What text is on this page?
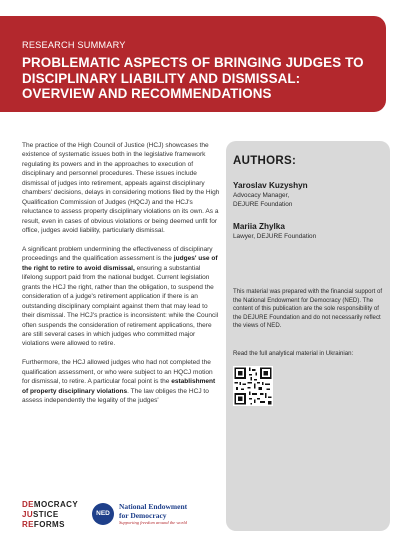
RESEARCH SUMMARY
PROBLEMATIC ASPECTS OF BRINGING JUDGES TO
DISCIPLINARY LIABILITY AND DISMISSAL:
OVERVIEW AND RECOMMENDATIONS

The practice of the High Council of Justice (HCJ) showcases the existence of systematic issues both in the legislative framework regulating its powers and in the approaches to execution of disciplinary and personnel procedures. These issues include dismissal of judges into retirement, appeals against disciplinary chambers' decisions, delays in considering motions filed by the High Qualification Commission of Judges (HQCJ) and the HCJ's reluctance to assess property disciplinary violations on its own. As a result, even in cases of obvious violations or being deemed unfit for office, judges avoid liability, particularly dismissal.

A significant problem undermining the effectiveness of disciplinary proceedings and the qualification assessment is the judges' use of the right to retire to avoid dismissal, ensuring a substantial lifelong support paid from the national budget. Current legislation grants the HCJ the right, rather than the obligation, to suspend the consideration of a judge's retirement application if there is an outstanding disciplinary complaint against them that may lead to their dismissal. The HCJ's practice is inconsistent: while the Council often suspends the consideration of retirement applications, there are still several cases in which judges who committed major violations were allowed to retire.

Furthermore, the HCJ allowed judges who had not completed the qualification assessment, or who were subject to an HQCJ motion for dismissal, to retire. A particular focal point is the establishment of property disciplinary violations. The law obliges the HCJ to assess independently the legality of the judges'

AUTHORS:
Yaroslav Kuzyshyn
Advocacy Manager,
DEJURE Foundation
Mariia Zhylka
Lawyer, DEJURE Foundation
This material was prepared with the financial support of the National Endowment for Democracy (NED). The content of this publication are the sole responsibility of the DEJURE Foundation and do not necessarily reflect the views of NED.
Read the full analytical material in Ukrainian:
DEMOCRACY
JUSTICE
REFORMS
NED
National Endowment
for Democracy
Supporting freedom around the world
